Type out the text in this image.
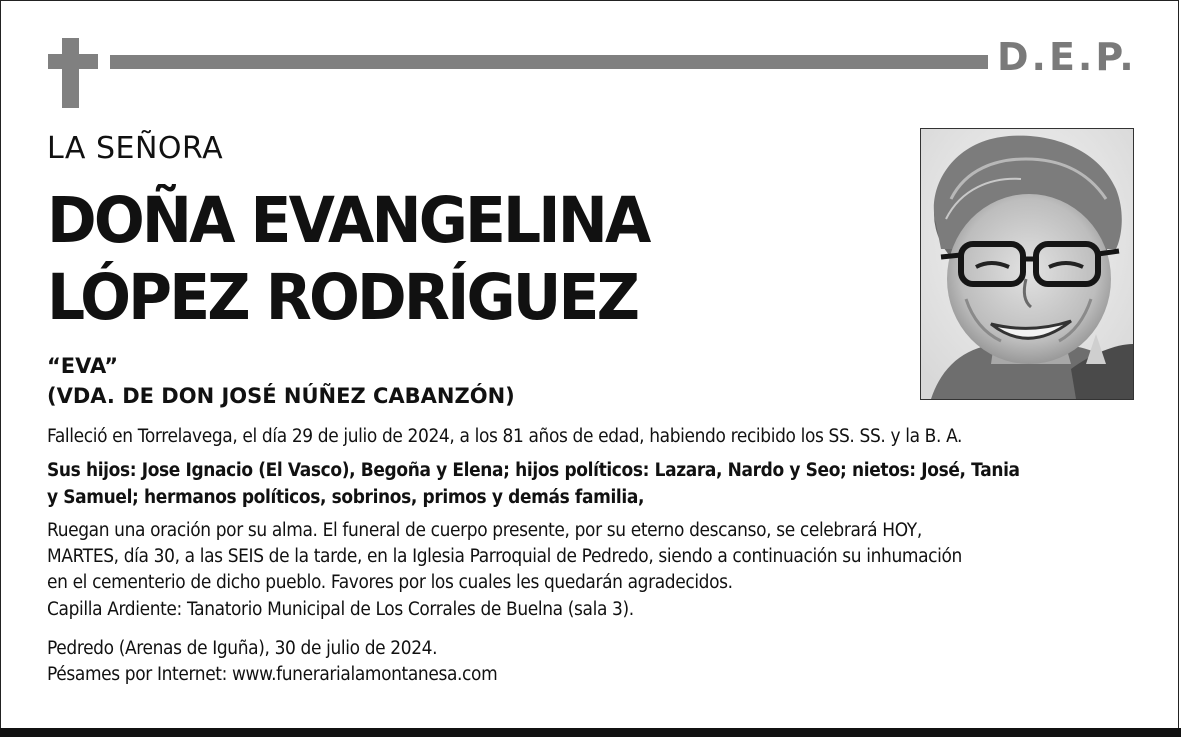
D.E.P.
LA SEÑORA
DOÑA EVANGELINA
LÓPEZ RODRÍGUEZ
“EVA”
(VDA. DE DON JOSÉ NÚÑEZ CABANZÓN)
Falleció en Torrelavega, el día 29 de julio de 2024, a los 81 años de edad, habiendo recibido los SS. SS. y la B. A.
Sus hijos: Jose Ignacio (El Vasco), Begoña y Elena; hijos políticos: Lazara, Nardo y Seo; nietos: José, Tania
y Samuel; hermanos políticos, sobrinos, primos y demás familia,
Ruegan una oración por su alma. El funeral de cuerpo presente, por su eterno descanso, se celebrará HOY,
MARTES, día 30, a las SEIS de la tarde, en la Iglesia Parroquial de Pedredo, siendo a continuación su inhumación
en el cementerio de dicho pueblo. Favores por los cuales les quedarán agradecidos.
Capilla Ardiente: Tanatorio Municipal de Los Corrales de Buelna (sala 3).
Pedredo (Arenas de Iguña), 30 de julio de 2024.
Pésames por Internet: www.funerarialamontanesa.com
